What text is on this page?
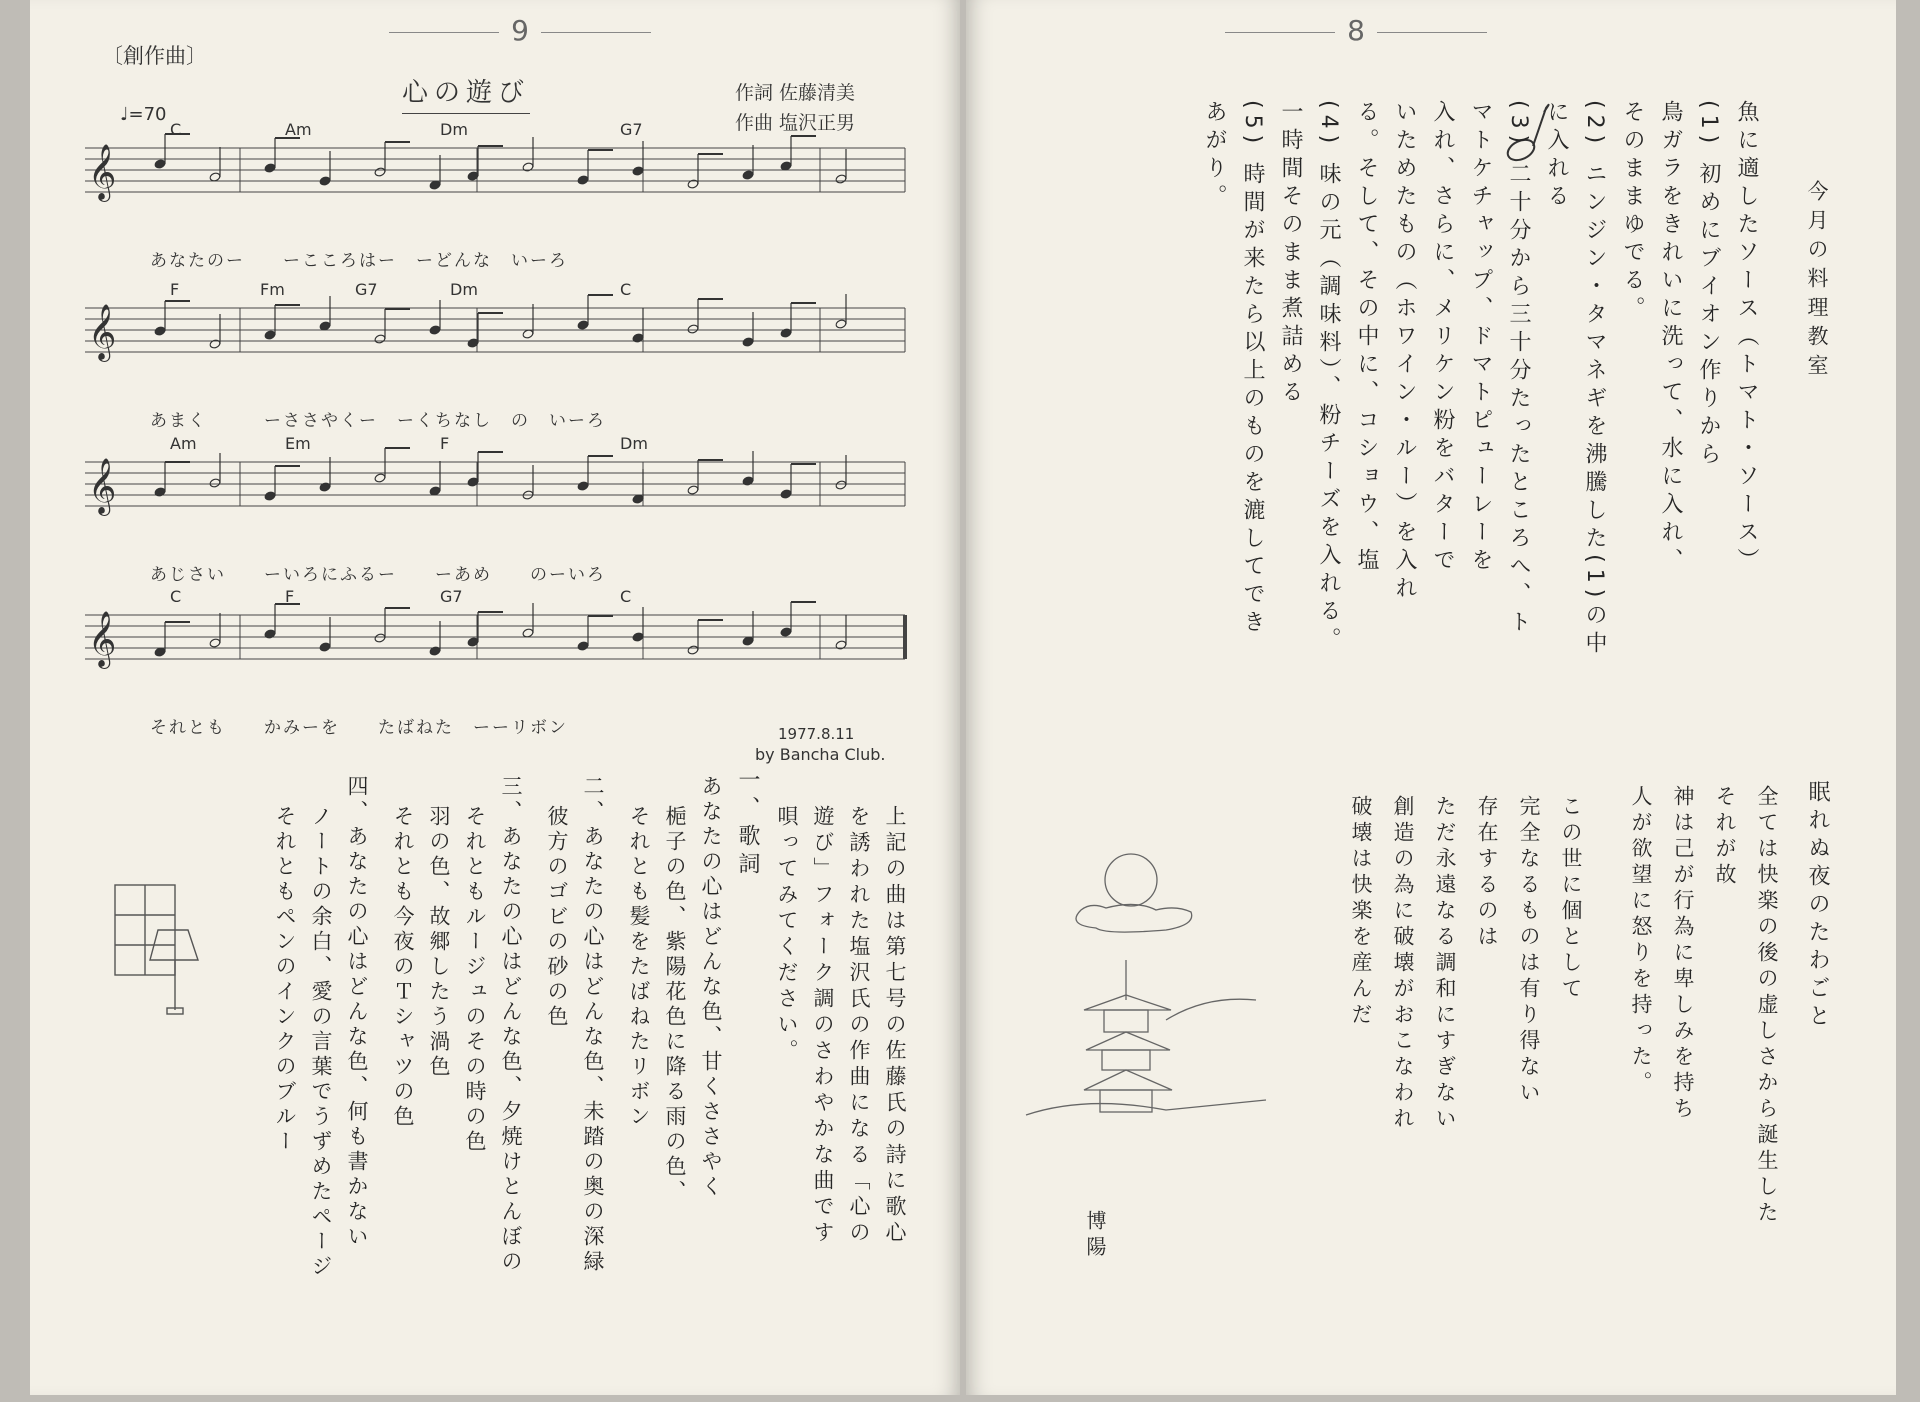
9
〔創作曲〕
心の遊び	作詞 佐藤清美
作曲 塩沢正男
♩=70
𝄞
𝄞
𝄞
𝄞
1977.8.11
by Bancha Club.
C	Am	Dm	G7
あなたのー　　ーこころはー　ーどんな　いーろ
F	Fm	G7	Dm	C
あまく　　　ーささやくー　ーくちなし　の　いーろ
Am	Em	F	Dm
あじさい　　ーいろにふるー　　ーあめ　　のーいろ
C	F	G7	C
それとも　　かみーを　　たばねた　ーーリボン
上記の曲は第七号の佐藤氏の詩に歌心
を誘われた塩沢氏の作曲になる「心の
遊び」フォーク調のさわやかな曲です
唄ってみてください。
一、歌詞
あなたの心はどんな色、甘くささやく
梔子の色、紫陽花色に降る雨の色、
それとも髪をたばねたリボン
二、あなたの心はどんな色、未踏の奥の深緑
彼方のゴビの砂の色
三、あなたの心はどんな色、夕焼けとんぼの
それともルージュのその時の色
羽の色、故郷したう渦色
それとも今夜のＴシャツの色
四、あなたの心はどんな色、何も書かない
ノートの余白、愛の言葉でうずめたページ
それともペンのインクのブルー
8
今月の料理教室
博陽
魚に適したソース（トマト・ソース）
(1) 初めにブイオン作りから
鳥ガラをきれいに洗って、水に入れ、
そのままゆでる。
(2) ニンジン・タマネギを沸騰した(1)の中
に入れる
(3) 二十分から三十分たったところへ、ト
マトケチャップ、ドマトピューレーを
入れ、さらに、メリケン粉をバターで
いためたもの（ホワイン・ルー）を入れ
る。そして、その中に、コショウ、塩
(4) 味の元（調味料）、粉チーズを入れる。
一時間そのまま煮詰める
(5) 時間が来たら以上のものを漉してでき
あがり。
眠れぬ夜のたわごと
全ては快楽の後の虚しさから誕生した
それが故
神は己が行為に卑しみを持ち
人が欲望に怒りを持った。
この世に個として
完全なるものは有り得ない
存在するのは
ただ永遠なる調和にすぎない
創造の為に破壊がおこなわれ
破壊は快楽を産んだ
